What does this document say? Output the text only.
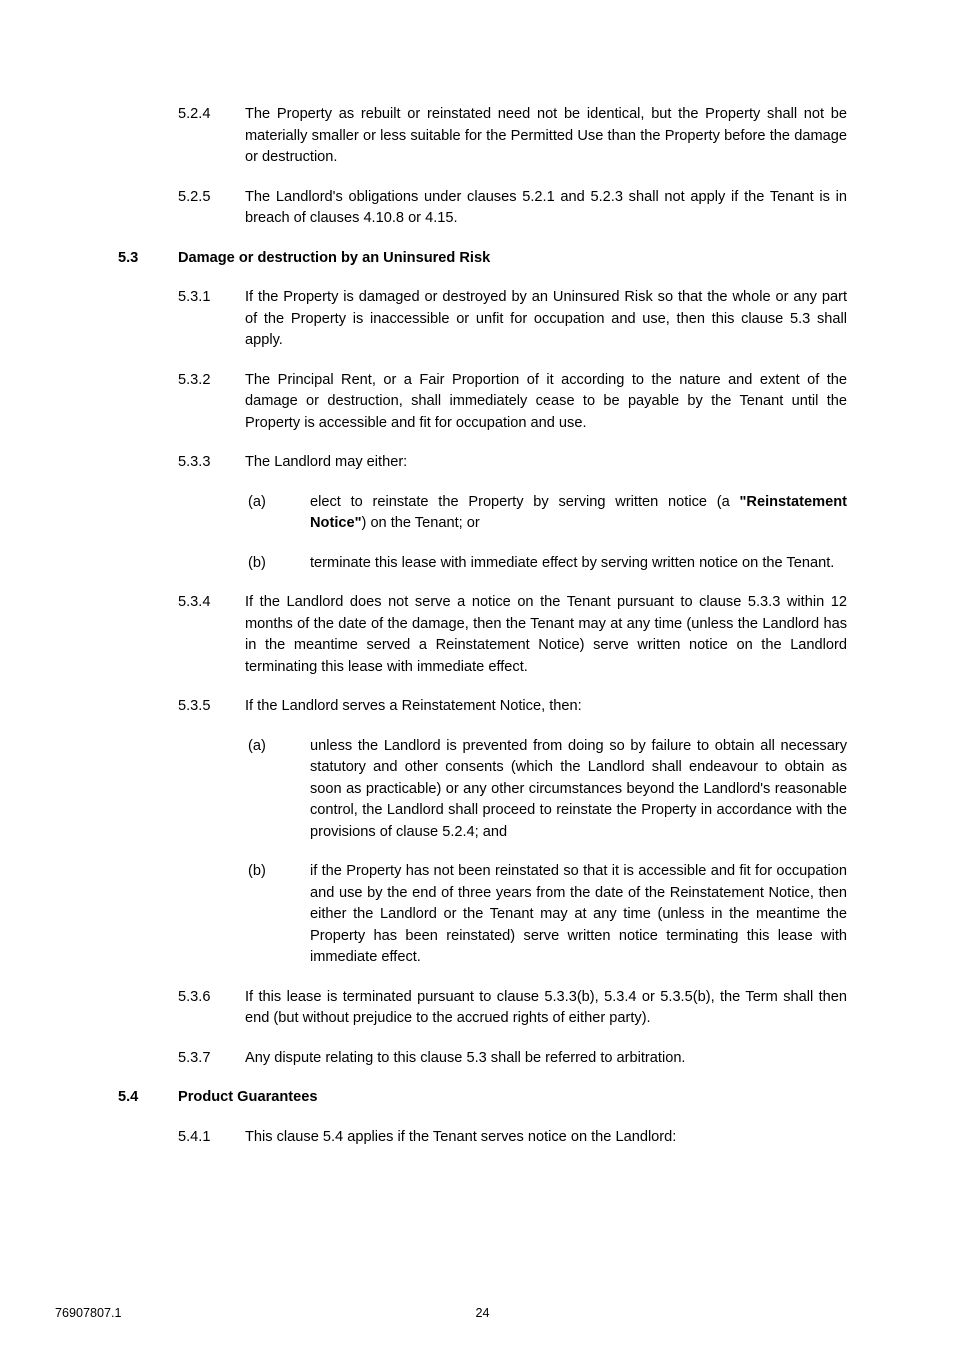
5.2.4	The Property as rebuilt or reinstated need not be identical, but the Property shall not be materially smaller or less suitable for the Permitted Use than the Property before the damage or destruction.
5.2.5	The Landlord's obligations under clauses 5.2.1 and 5.2.3 shall not apply if the Tenant is in breach of clauses 4.10.8 or 4.15.
5.3	Damage or destruction by an Uninsured Risk
5.3.1	If the Property is damaged or destroyed by an Uninsured Risk so that the whole or any part of the Property is inaccessible or unfit for occupation and use, then this clause 5.3 shall apply.
5.3.2	The Principal Rent, or a Fair Proportion of it according to the nature and extent of the damage or destruction, shall immediately cease to be payable by the Tenant until the Property is accessible and fit for occupation and use.
5.3.3	The Landlord may either:
(a)	elect to reinstate the Property by serving written notice (a "Reinstatement Notice") on the Tenant; or
(b)	terminate this lease with immediate effect by serving written notice on the Tenant.
5.3.4	If the Landlord does not serve a notice on the Tenant pursuant to clause 5.3.3 within 12 months of the date of the damage, then the Tenant may at any time (unless the Landlord has in the meantime served a Reinstatement Notice) serve written notice on the Landlord terminating this lease with immediate effect.
5.3.5	If the Landlord serves a Reinstatement Notice, then:
(a)	unless the Landlord is prevented from doing so by failure to obtain all necessary statutory and other consents (which the Landlord shall endeavour to obtain as soon as practicable) or any other circumstances beyond the Landlord's reasonable control, the Landlord shall proceed to reinstate the Property in accordance with the provisions of clause 5.2.4; and
(b)	if the Property has not been reinstated so that it is accessible and fit for occupation and use by the end of three years from the date of the Reinstatement Notice, then either the Landlord or the Tenant may at any time (unless in the meantime the Property has been reinstated) serve written notice terminating this lease with immediate effect.
5.3.6	If this lease is terminated pursuant to clause 5.3.3(b), 5.3.4 or 5.3.5(b), the Term shall then end (but without prejudice to the accrued rights of either party).
5.3.7	Any dispute relating to this clause 5.3 shall be referred to arbitration.
5.4	Product Guarantees
5.4.1	This clause 5.4 applies if the Tenant serves notice on the Landlord:
76907807.1	24
